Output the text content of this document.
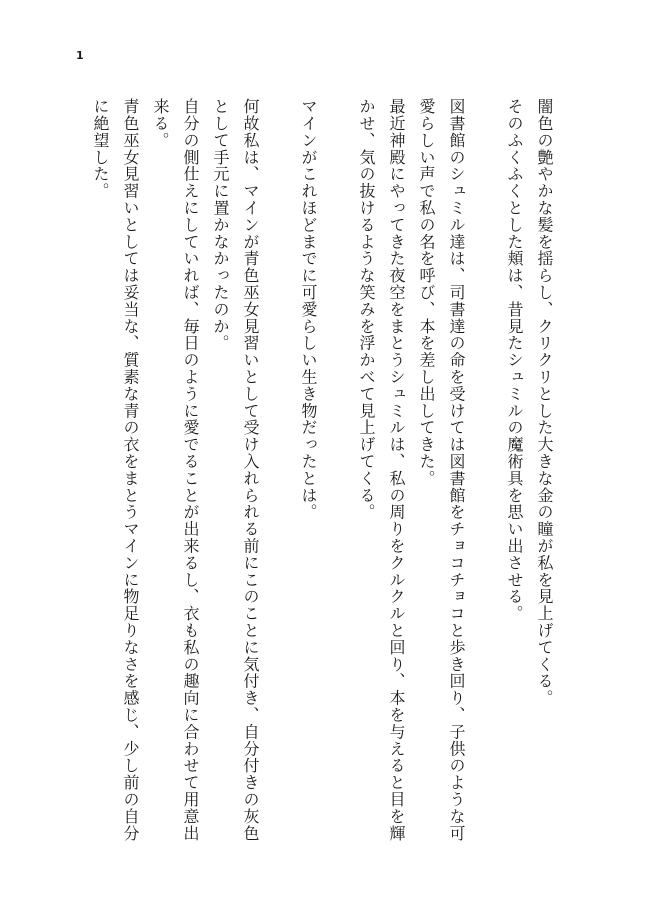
1

闇色の艶やかな髪を揺らし、クリクリとした大きな金の瞳が私を見上げてくる。

そのふくふくとした頬は、昔見たシュミルの魔術具を思い出させる。

図書館のシュミル達は、司書達の命を受けては図書館をチョコチョコと歩き回り、子供のような可愛らしい声で私の名を呼び、本を差し出してきた。

最近神殿にやってきた夜空をまとうシュミルは、私の周りをクルクルと回り、本を与えると目を輝かせ、気の抜けるような笑みを浮かべて見上げてくる。

マインがこれほどまでに可愛らしい生き物だったとは。

何故私は、マインが青色巫女見習いとして受け入れられる前にこのことに気付き、自分付きの灰色として手元に置かなかったのか。

自分の側仕えにしていれば、毎日のように愛でることが出来るし、衣も私の趣向に合わせて用意出来る。

青色巫女見習いとしては妥当な、質素な青の衣をまとうマインに物足りなさを感じ、少し前の自分に絶望した。
